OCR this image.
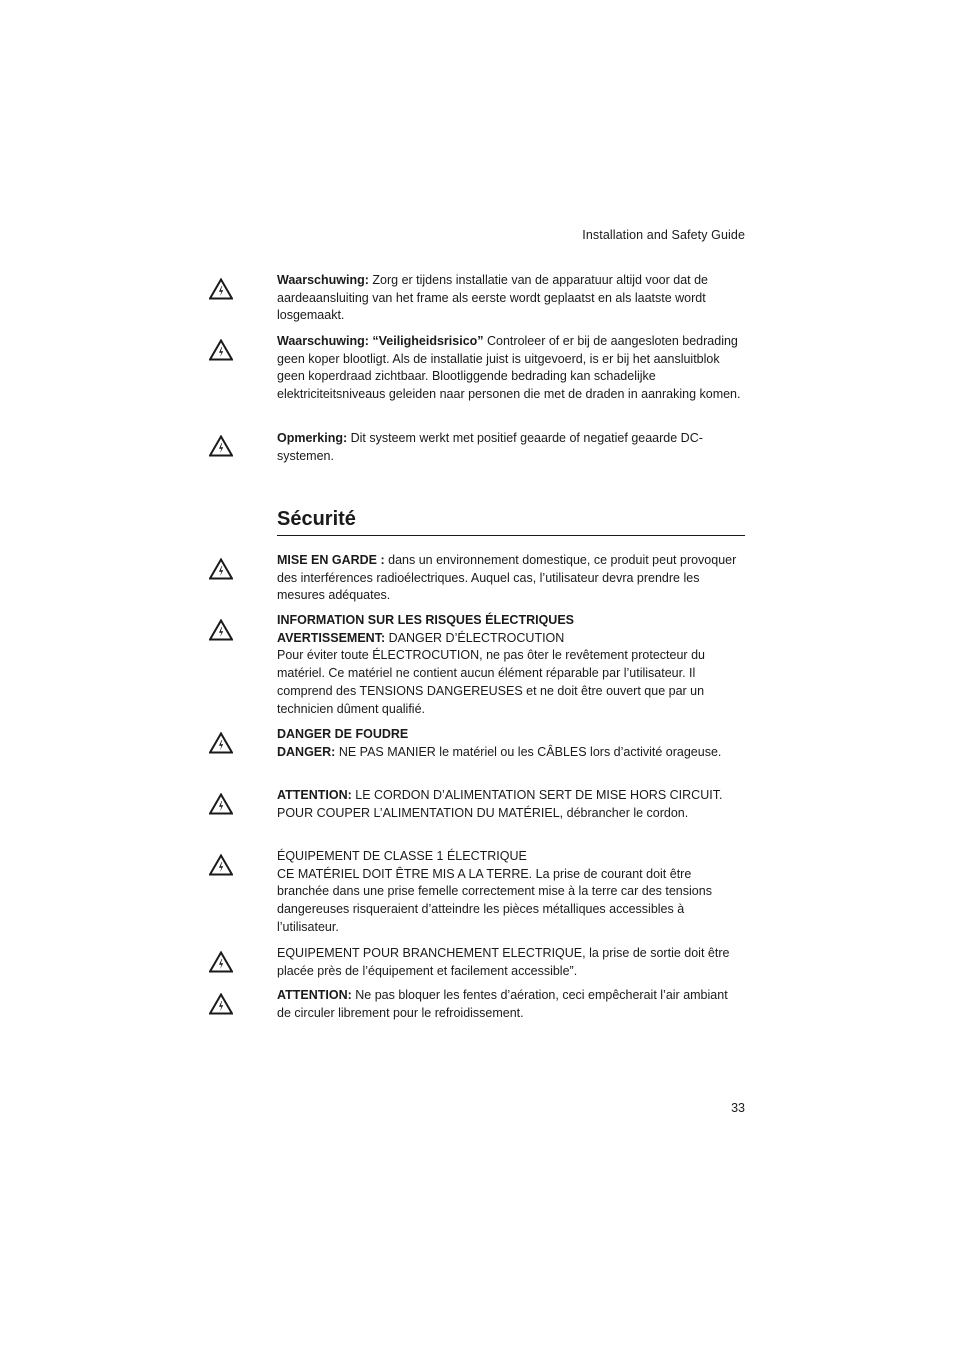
Installation and Safety Guide
Waarschuwing: Zorg er tijdens installatie van de apparatuur altijd voor dat de aardeaansluiting van het frame als eerste wordt geplaatst en als laatste wordt losgemaakt.
Waarschuwing: “Veiligheidsrisico” Controleer of er bij de aangesloten bedrading geen koper blootligt. Als de installatie juist is uitgevoerd, is er bij het aansluitblok geen koperdraad zichtbaar. Blootliggende bedrading kan schadelijke elektriciteitsniveaus geleiden naar personen die met de draden in aanraking komen.
Opmerking: Dit systeem werkt met positief geaarde of negatief geaarde DC-systemen.
Sécurité
MISE EN GARDE : dans un environnement domestique, ce produit peut provoquer des interférences radioélectriques. Auquel cas, l’utilisateur devra prendre les mesures adéquates.
INFORMATION SUR LES RISQUES ÉLECTRIQUES
AVERTISSEMENT: DANGER D’ÉLECTROCUTION
Pour éviter toute ÉLECTROCUTION, ne pas ôter le revêtement protecteur du matériel. Ce matériel ne contient aucun élément réparable par l’utilisateur. Il comprend des TENSIONS DANGEREUSES et ne doit être ouvert que par un technicien dûment qualifié.
DANGER DE FOUDRE
DANGER: NE PAS MANIER le matériel ou les CÂBLES lors d’activité orageuse.
ATTENTION: LE CORDON D’ALIMENTATION SERT DE MISE HORS CIRCUIT. POUR COUPER L’ALIMENTATION DU MATÉRIEL, débrancher le cordon.
ÉQUIPEMENT DE CLASSE 1 ÉLECTRIQUE
CE MATÉRIEL DOIT ÊTRE MIS A LA TERRE. La prise de courant doit être branchée dans une prise femelle correctement mise à la terre car des tensions dangereuses risqueraient d’atteindre les pièces métalliques accessibles à l’utilisateur.
EQUIPEMENT POUR BRANCHEMENT ELECTRIQUE, la prise de sortie doit être placée près de l’équipement et facilement accessible”.
ATTENTION: Ne pas bloquer les fentes d’aération, ceci empêcherait l’air ambiant de circuler librement pour le refroidissement.
33
